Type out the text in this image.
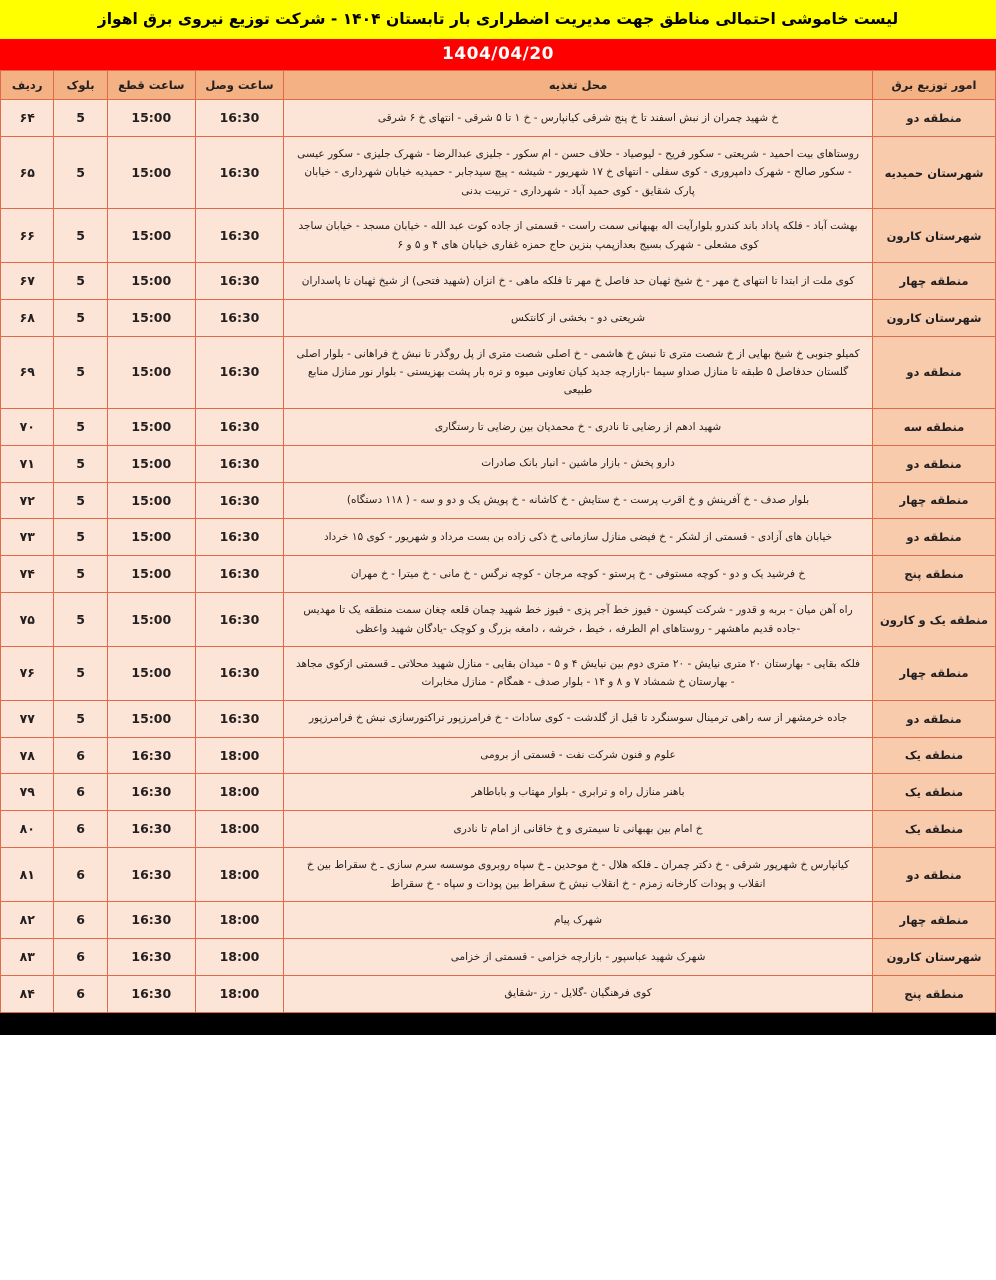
لیست خاموشی احتمالی مناطق جهت مدیریت اضطراری بار تابستان ۱۴۰۴ - شرکت توزیع نیروی برق اهواز
1404/04/20
امور توزیع برق	محل تغذیه	ساعت وصل	ساعت قطع	بلوک	ردیف
منطقه دو	خ شهید چمران از نبش اسفند تا خ پنج شرقی کیانپارس - خ ۱ تا ۵ شرقی - انتهای خ ۶ شرقی	16:30	15:00	5	۶۴
شهرستان حمیدیه	روستاهای بیت احمید - شریعتی - سکور فریح - لیوصیاد - حلاف حسن - ام سکور - جلیزی عبدالرضا - شهرک جلیزی - سکور عیسی - سکور صالح - شهرک دامپروری - کوی سفلی - انتهای خ ۱۷ شهریور - شیشه - پیچ سیدجابر - حمیدیه خیابان شهرداری - خیابان پارک شقایق - کوی حمید آباد - شهرداری - تربیت بدنی	16:30	15:00	5	۶۵
شهرستان کارون	بهشت آباد - فلکه پاداد باند کندرو بلوارآیت اله بهبهانی سمت راست - قسمتی از جاده کوت عبد الله - خیابان مسجد - خیابان ساجد کوی مشعلی - شهرک بسیج بعدازپمپ بنزین حاج حمزه غفاری خیابان های ۴ و ۵ و ۶	16:30	15:00	5	۶۶
منطقه چهار	کوی ملت از ابتدا تا انتهای خ مهر - خ شیخ ثهبان حد فاصل خ مهر تا فلکه ماهی - خ انزان (شهید فتحی) از شیخ ثهبان تا پاسداران	16:30	15:00	5	۶۷
شهرستان کارون	شریعتی دو - بخشی از کانتکس	16:30	15:00	5	۶۸
منطقه دو	کمیلو جنوبی خ شیخ بهایی از خ شصت متری تا نبش خ هاشمی - خ اصلی شصت متری از پل روگذر تا نبش خ فراهانی - بلوار اصلی گلستان حدفاصل ۵ طبقه تا منازل صداو سیما -بازارچه جدید کیان تعاونی میوه و تره بار پشت بهزیستی - بلوار نور منازل منابع طبیعی	16:30	15:00	5	۶۹
منطقه سه	شهید ادهم از رضایی تا نادری - خ محمدیان بین رضایی تا رستگاری	16:30	15:00	5	۷۰
منطقه دو	دارو پخش - بازار ماشین - انبار بانک صادرات	16:30	15:00	5	۷۱
منطقه چهار	بلوار صدف - خ آفرینش و خ اقرب پرست - خ ستایش - خ کاشانه - خ پویش یک و دو و سه - ( ۱۱۸ دستگاه)	16:30	15:00	5	۷۲
منطقه دو	خیابان های آزادی - قسمتی از لشکر - خ فیضی منازل سازمانی خ ذکی زاده بن بست مرداد و شهریور - کوی ۱۵ خرداد	16:30	15:00	5	۷۳
منطقه پنج	خ فرشید یک و دو - کوچه مستوفی - خ پرستو - کوچه مرجان - کوچه نرگس - خ مانی - خ میترا - خ مهران	16:30	15:00	5	۷۴
منطقه یک و کارون	راه آهن میان - بربه و قدور - شرکت کیسون - فیوز خط آجر پزی - فیوز خط شهید چمان قلعه چغان سمت منطقه یک تا مهدیس -جاده قدیم ماهشهر - روستاهای ام الطرفه ، خیط ، خرشه ، دامغه بزرگ و کوچک -یادگان شهید واعظی	16:30	15:00	5	۷۵
منطقه چهار	فلکه بقایی - بهارستان ۲۰ متری نیایش - ۲۰ متری دوم بین نیایش ۴ و ۵ - میدان بقایی - منازل شهید محلاتی ـ قسمتی ازکوی مجاهد - بهارستان خ شمشاد ۷ و ۸ و ۱۴ - بلوار صدف - همگام - منازل مخابرات	16:30	15:00	5	۷۶
منطقه دو	جاده خرمشهر از سه راهی ترمینال سوسنگرد تا قبل از گلدشت - کوی سادات - خ فرامرزپور تراکتورسازی نبش خ فرامرزپور	16:30	15:00	5	۷۷
منطقه یک	علوم و فنون شرکت نفت - قسمتی از برومی	18:00	16:30	6	۷۸
منطقه یک	باهنر منازل راه و ترابری - بلوار مهتاب و باباطاهر	18:00	16:30	6	۷۹
منطقه یک	خ امام بین بهبهانی تا سیمتری و خ خاقانی از امام تا نادری	18:00	16:30	6	۸۰
منطقه دو	کیانپارس خ شهرپور شرقی - خ دکتر چمران ـ فلکه هلال - خ موحدین ـ خ سپاه روبروی موسسه سرم سازی ـ خ سقراط بین خ انقلاب و پودات کارخانه زمزم - خ انقلاب نبش خ سقراط بین پودات و سپاه - خ سقراط	18:00	16:30	6	۸۱
منطقه چهار	شهرک پیام	18:00	16:30	6	۸۲
شهرستان کارون	شهرک شهید عباسپور - بازارچه خزامی - قسمتی از خزامی	18:00	16:30	6	۸۳
منطقه پنج	کوی فرهنگیان -گلایل - رز -شقایق	18:00	16:30	6	۸۴
